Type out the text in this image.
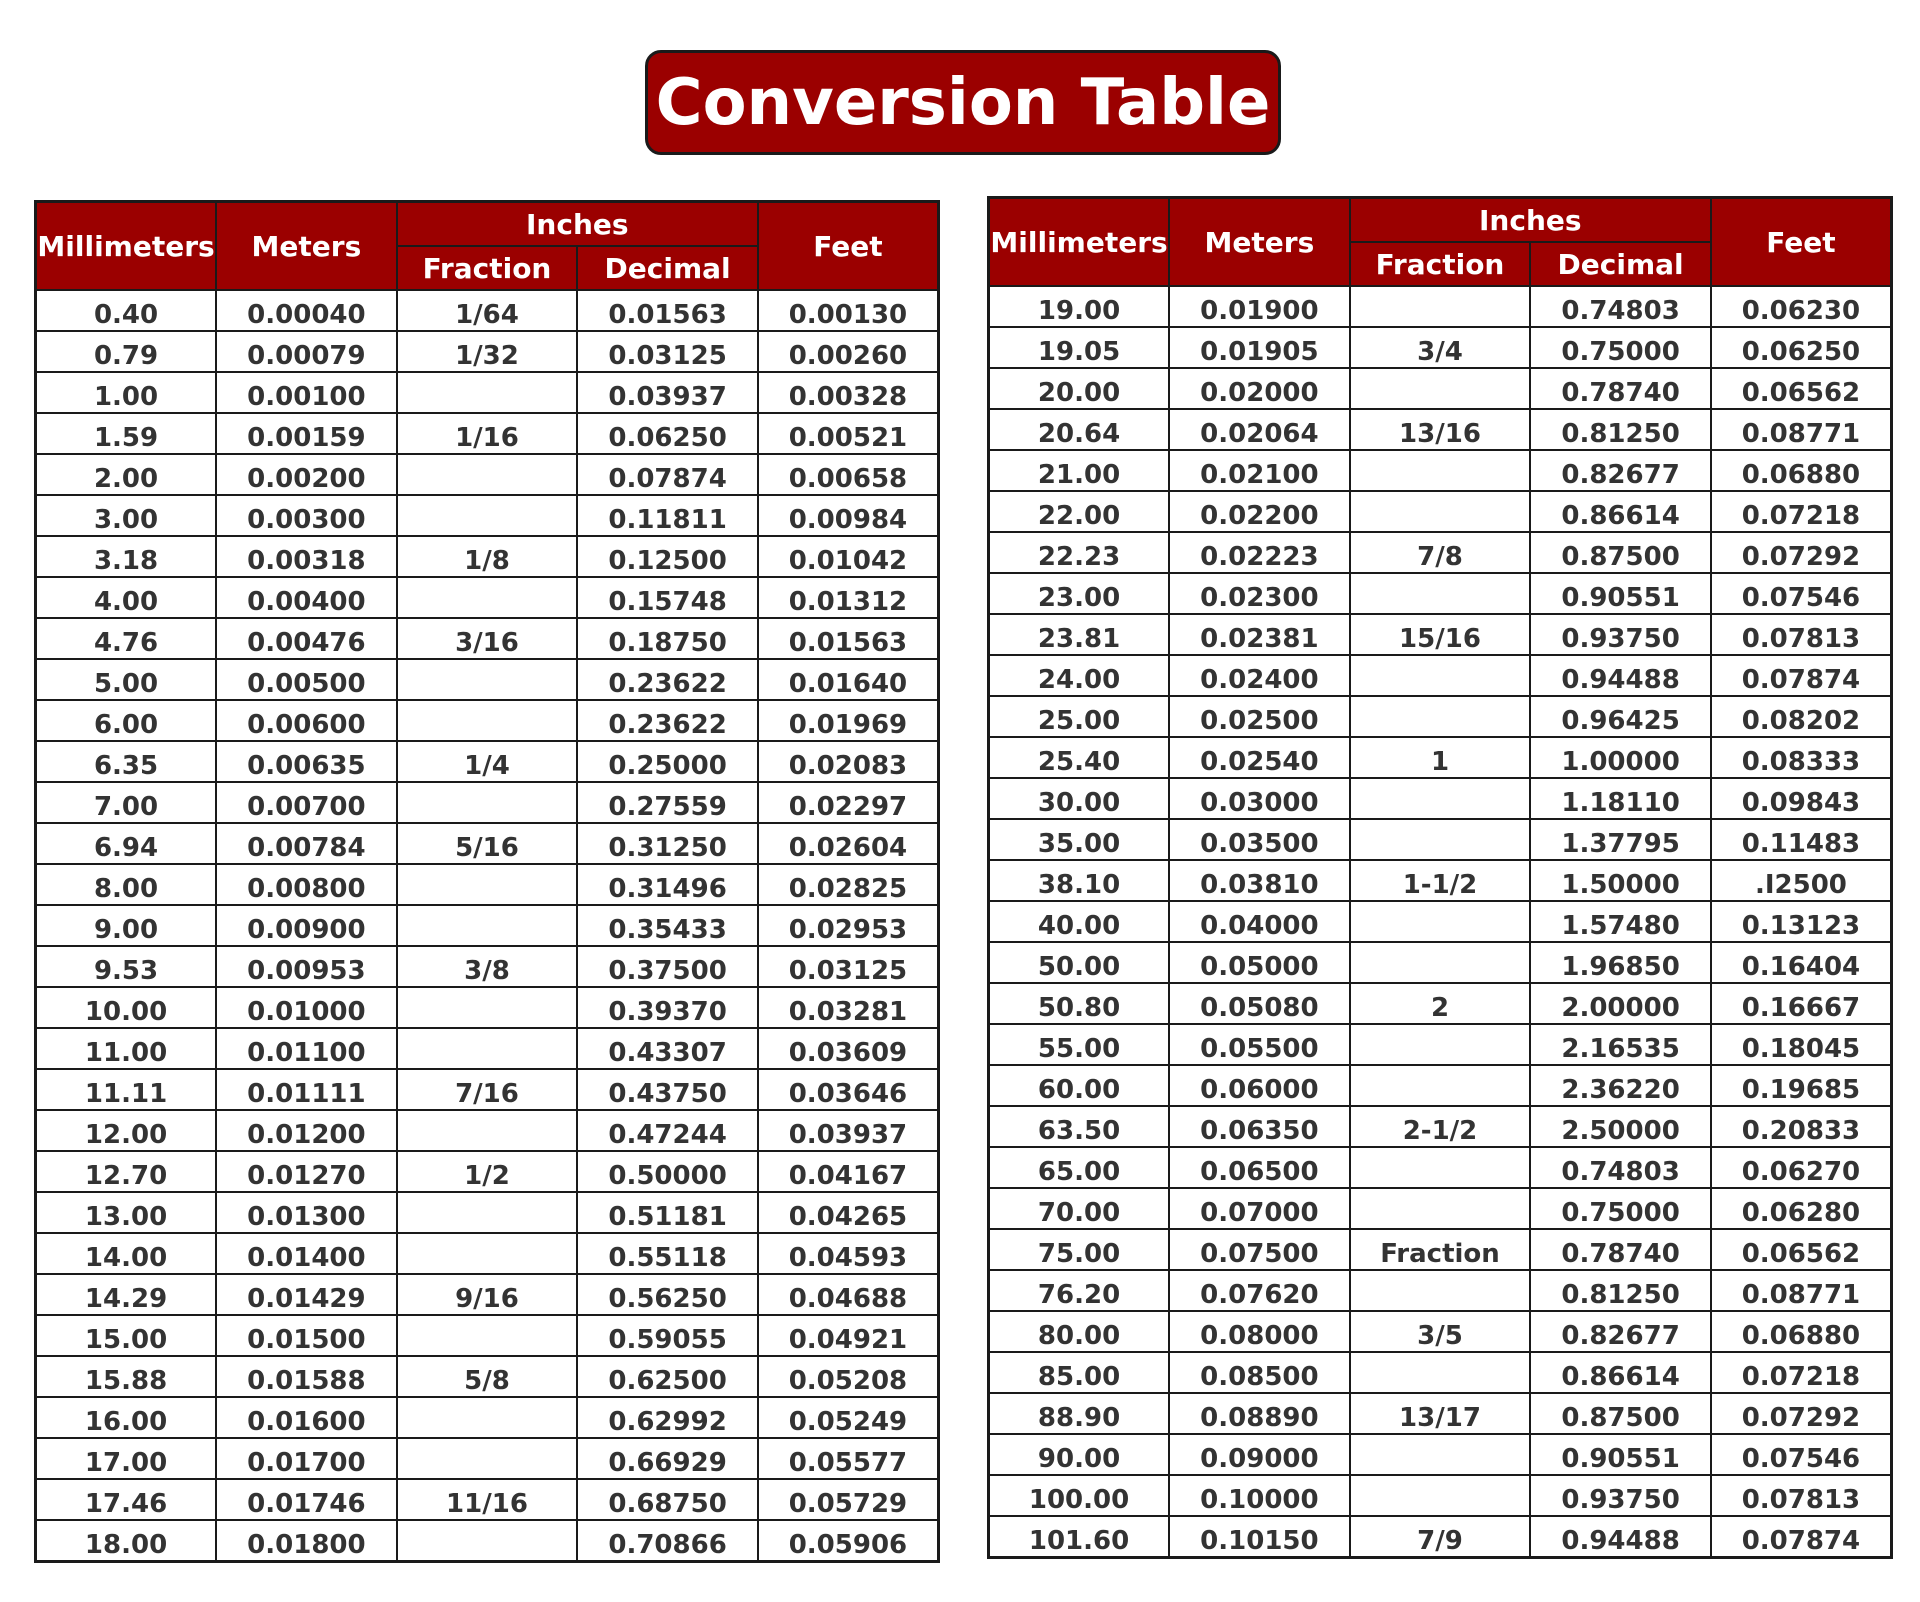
Conversion Table
Millimeters	Meters	Inches		Feet
		Fraction	Decimal	
0.40	0.00040	1/64	0.01563	0.00130
0.79	0.00079	1/32	0.03125	0.00260
1.00	0.00100		0.03937	0.00328
1.59	0.00159	1/16	0.06250	0.00521
2.00	0.00200		0.07874	0.00658
3.00	0.00300		0.11811	0.00984
3.18	0.00318	1/8	0.12500	0.01042
4.00	0.00400		0.15748	0.01312
4.76	0.00476	3/16	0.18750	0.01563
5.00	0.00500		0.23622	0.01640
6.00	0.00600		0.23622	0.01969
6.35	0.00635	1/4	0.25000	0.02083
7.00	0.00700		0.27559	0.02297
6.94	0.00784	5/16	0.31250	0.02604
8.00	0.00800		0.31496	0.02825
9.00	0.00900		0.35433	0.02953
9.53	0.00953	3/8	0.37500	0.03125
10.00	0.01000		0.39370	0.03281
11.00	0.01100		0.43307	0.03609
11.11	0.01111	7/16	0.43750	0.03646
12.00	0.01200		0.47244	0.03937
12.70	0.01270	1/2	0.50000	0.04167
13.00	0.01300		0.51181	0.04265
14.00	0.01400		0.55118	0.04593
14.29	0.01429	9/16	0.56250	0.04688
15.00	0.01500		0.59055	0.04921
15.88	0.01588	5/8	0.62500	0.05208
16.00	0.01600		0.62992	0.05249
17.00	0.01700		0.66929	0.05577
17.46	0.01746	11/16	0.68750	0.05729
18.00	0.01800		0.70866	0.05906
Millimeters	Meters	Inches		Feet
		Fraction	Decimal	
19.00	0.01900		0.74803	0.06230
19.05	0.01905	3/4	0.75000	0.06250
20.00	0.02000		0.78740	0.06562
20.64	0.02064	13/16	0.81250	0.08771
21.00	0.02100		0.82677	0.06880
22.00	0.02200		0.86614	0.07218
22.23	0.02223	7/8	0.87500	0.07292
23.00	0.02300		0.90551	0.07546
23.81	0.02381	15/16	0.93750	0.07813
24.00	0.02400		0.94488	0.07874
25.00	0.02500		0.96425	0.08202
25.40	0.02540	1	1.00000	0.08333
30.00	0.03000		1.18110	0.09843
35.00	0.03500		1.37795	0.11483
38.10	0.03810	1-1/2	1.50000	.I2500
40.00	0.04000		1.57480	0.13123
50.00	0.05000		1.96850	0.16404
50.80	0.05080	2	2.00000	0.16667
55.00	0.05500		2.16535	0.18045
60.00	0.06000		2.36220	0.19685
63.50	0.06350	2-1/2	2.50000	0.20833
65.00	0.06500		0.74803	0.06270
70.00	0.07000		0.75000	0.06280
75.00	0.07500	Fraction	0.78740	0.06562
76.20	0.07620		0.81250	0.08771
80.00	0.08000	3/5	0.82677	0.06880
85.00	0.08500		0.86614	0.07218
88.90	0.08890	13/17	0.87500	0.07292
90.00	0.09000		0.90551	0.07546
100.00	0.10000		0.93750	0.07813
101.60	0.10150	7/9	0.94488	0.07874
